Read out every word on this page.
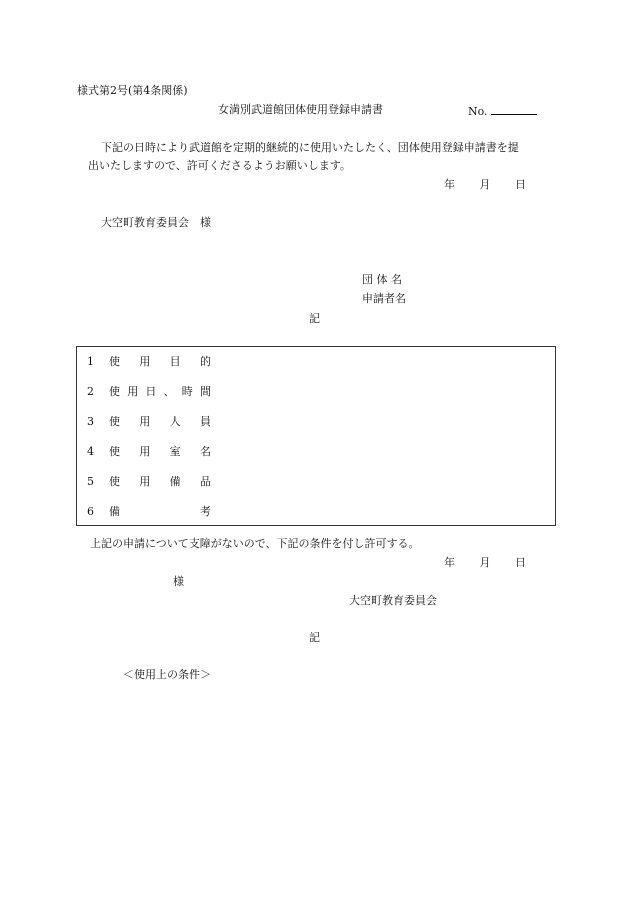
様式第2号(第4条関係)
女満別武道館団体使用登録申請書	No.
下記の日時により武道館を定期的継続的に使用いたしたく、団体使用登録申請書を提
出いたしますので、許可くださるようお願いします。
年 月 日
大空町教育委員会　様
団 体 名
申請者名
記
1 使 用 目 的
2 使 用 日 、 時 間
3 使 用 人 員
4 使 用 室 名
5 使 用 備 品
6 備	考
上記の申請について支障がないので、下記の条件を付し許可する。
年 月 日
様
大空町教育委員会
記
＜使用上の条件＞
